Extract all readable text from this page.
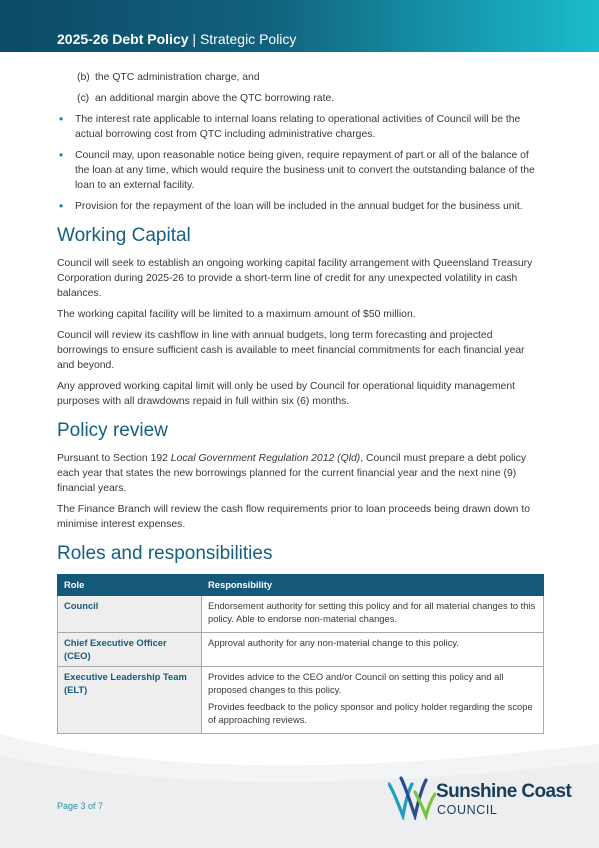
2025-26 Debt Policy | Strategic Policy
(b) the QTC administration charge, and
(c) an additional margin above the QTC borrowing rate.
• The interest rate applicable to internal loans relating to operational activities of Council will be the actual borrowing cost from QTC including administrative charges.
• Council may, upon reasonable notice being given, require repayment of part or all of the balance of the loan at any time, which would require the business unit to convert the outstanding balance of the loan to an external facility.
• Provision for the repayment of the loan will be included in the annual budget for the business unit.
Working Capital

Council will seek to establish an ongoing working capital facility arrangement with Queensland Treasury Corporation during 2025-26 to provide a short-term line of credit for any unexpected volatility in cash balances.

The working capital facility will be limited to a maximum amount of $50 million.

Council will review its cashflow in line with annual budgets, long term forecasting and projected borrowings to ensure sufficient cash is available to meet financial commitments for each financial year and beyond.

Any approved working capital limit will only be used by Council for operational liquidity management purposes with all drawdowns repaid in full within six (6) months.

Policy review

Pursuant to Section 192 Local Government Regulation 2012 (Qld), Council must prepare a debt policy each year that states the new borrowings planned for the current financial year and the next nine (9) financial years.

The Finance Branch will review the cash flow requirements prior to loan proceeds being drawn down to minimise interest expenses.

Roles and responsibilities
Role	Responsibility
Council	Endorsement authority for setting this policy and for all material changes to this policy. Able to endorse non-material changes.

Chief Executive Officer (CEO)	Approval authority for any non-material change to this policy.

Executive Leadership Team (ELT)	Provides advice to the CEO and/or Council on setting this policy and all proposed changes to this policy.

Provides feedback to the policy sponsor and policy holder regarding the scope of approaching reviews.

Page 3 of 7
Sunshine Coast
COUNCIL
